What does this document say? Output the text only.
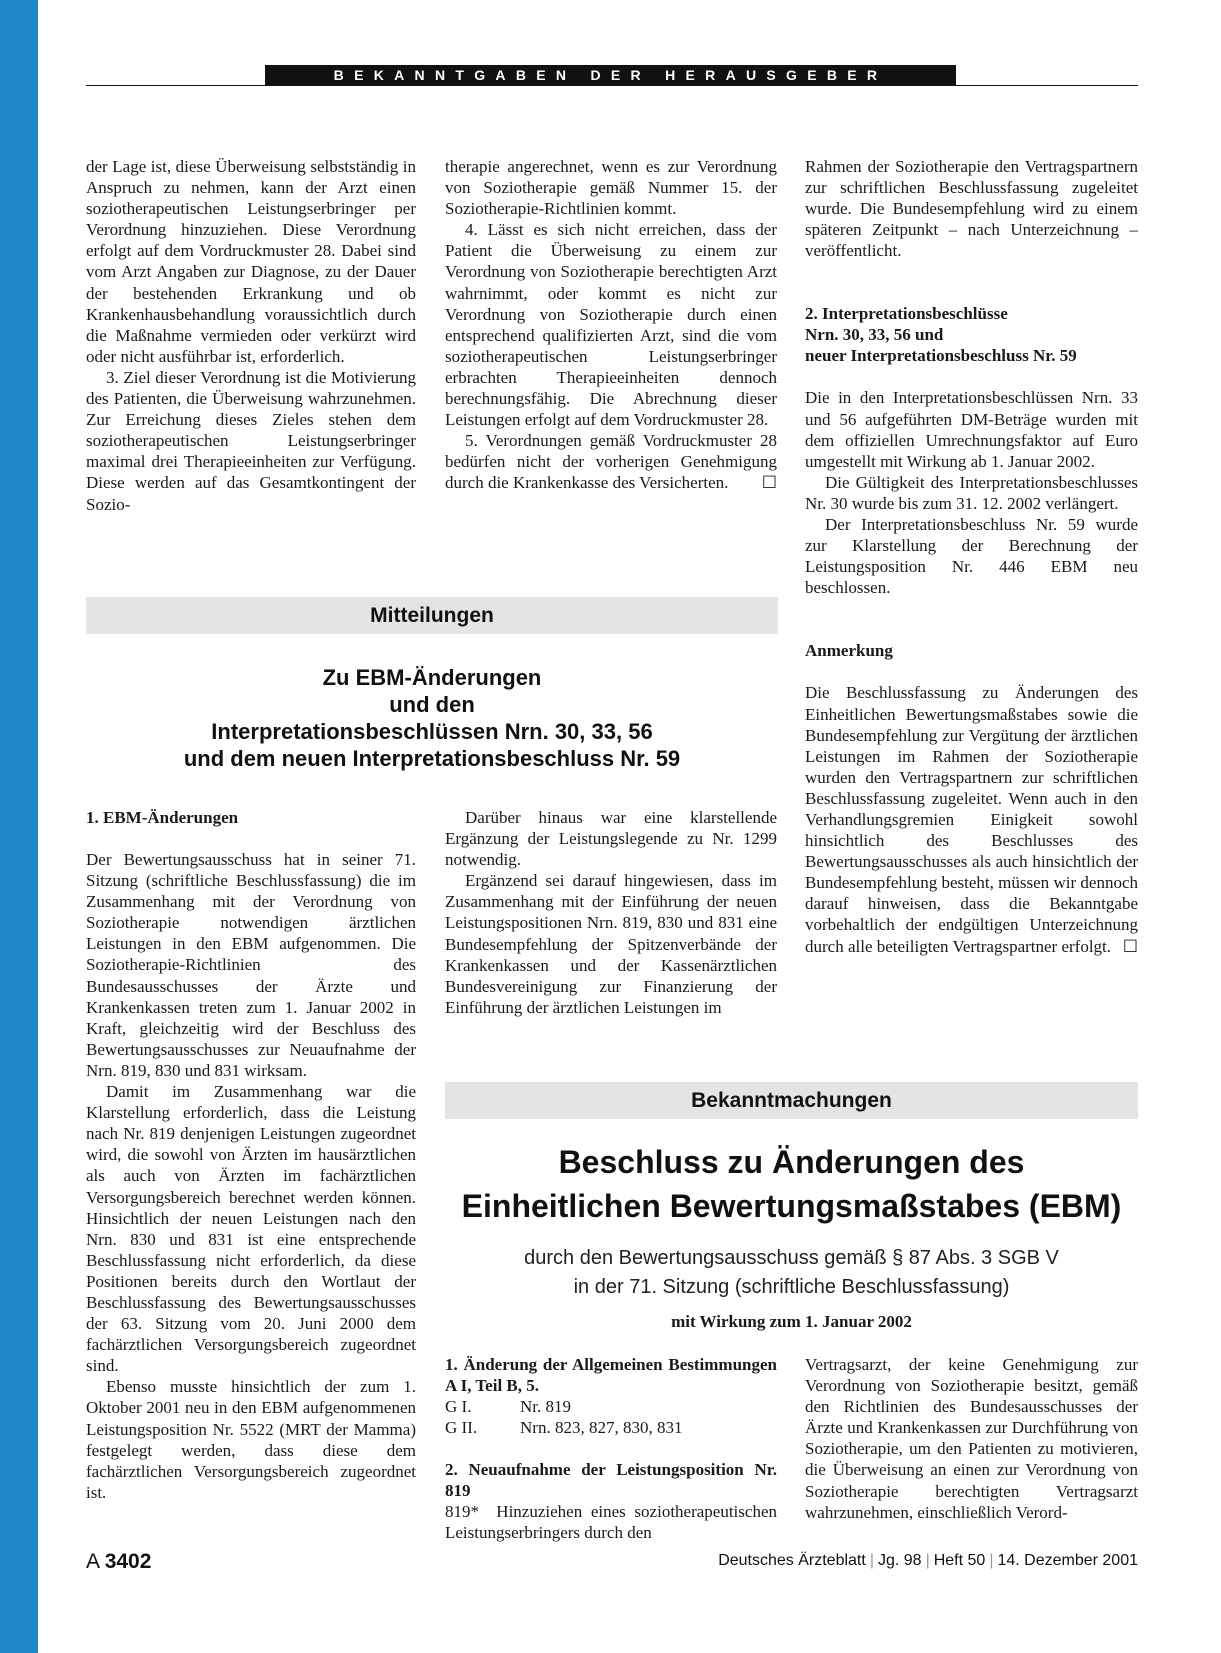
BEKANNTGABEN DER HERAUSGEBER

der Lage ist, diese Überweisung selbstständig in Anspruch zu nehmen, kann der Arzt einen soziotherapeutischen Leistungserbringer per Verordnung hinzuziehen. Diese Verordnung erfolgt auf dem Vordruckmuster 28. Dabei sind vom Arzt Angaben zur Diagnose, zu der Dauer der bestehenden Erkrankung und ob Krankenhausbehandlung voraussichtlich durch die Maßnahme vermieden oder verkürzt wird oder nicht ausführbar ist, erforderlich.

3. Ziel dieser Verordnung ist die Motivierung des Patienten, die Überweisung wahrzunehmen. Zur Erreichung dieses Zieles stehen dem soziotherapeutischen Leistungserbringer maximal drei Therapieeinheiten zur Verfügung. Diese werden auf das Gesamtkontingent der Sozio-

therapie angerechnet, wenn es zur Verordnung von Soziotherapie gemäß Nummer 15. der Soziotherapie-Richtlinien kommt.

4. Lässt es sich nicht erreichen, dass der Patient die Überweisung zu einem zur Verordnung von Soziotherapie berechtigten Arzt wahrnimmt, oder kommt es nicht zur Verordnung von Soziotherapie durch einen entsprechend qualifizierten Arzt, sind die vom soziotherapeutischen Leistungserbringer erbrachten Therapieeinheiten dennoch berechnungsfähig. Die Abrechnung dieser Leistungen erfolgt auf dem Vordruckmuster 28.

5. Verordnungen gemäß Vordruckmuster 28 bedürfen nicht der vorherigen Genehmigung durch die Krankenkasse des Versicherten.	☐

Rahmen der Soziotherapie den Vertragspartnern zur schriftlichen Beschlussfassung zugeleitet wurde. Die Bundesempfehlung wird zu einem späteren Zeitpunkt – nach Unterzeichnung – veröffentlicht.

2. Interpretationsbeschlüsse
Nrn. 30, 33, 56 und
neuer Interpretationsbeschluss Nr. 59

Die in den Interpretationsbeschlüssen Nrn. 33 und 56 aufgeführten DM-Beträge wurden mit dem offiziellen Umrechnungsfaktor auf Euro umgestellt mit Wirkung ab 1. Januar 2002.

Die Gültigkeit des Interpretationsbeschlusses Nr. 30 wurde bis zum 31. 12. 2002 verlängert.

Der Interpretationsbeschluss Nr. 59 wurde zur Klarstellung der Berechnung der Leistungsposition Nr. 446 EBM neu beschlossen.

Anmerkung

Die Beschlussfassung zu Änderungen des Einheitlichen Bewertungsmaßstabes sowie die Bundesempfehlung zur Vergütung der ärztlichen Leistungen im Rahmen der Soziotherapie wurden den Vertragspartnern zur schriftlichen Beschlussfassung zugeleitet. Wenn auch in den Verhandlungsgremien Einigkeit sowohl hinsichtlich des Beschlusses des Bewertungsausschusses als auch hinsichtlich der Bundesempfehlung besteht, müssen wir dennoch darauf hinweisen, dass die Bekanntgabe vorbehaltlich der endgültigen Unterzeichnung durch alle beteiligten Vertragspartner erfolgt. ☐

Mitteilungen
Zu EBM-Änderungen
und den
Interpretationsbeschlüssen Nrn. 30, 33, 56
und dem neuen Interpretationsbeschluss Nr. 59
1. EBM-Änderungen

Der Bewertungsausschuss hat in seiner 71. Sitzung (schriftliche Beschlussfassung) die im Zusammenhang mit der Verordnung von Soziotherapie notwendigen ärztlichen Leistungen in den EBM aufgenommen. Die Soziotherapie-Richtlinien des Bundesausschusses der Ärzte und Krankenkassen treten zum 1. Januar 2002 in Kraft, gleichzeitig wird der Beschluss des Bewertungsausschusses zur Neuaufnahme der Nrn. 819, 830 und 831 wirksam.

Damit im Zusammenhang war die Klarstellung erforderlich, dass die Leistung nach Nr. 819 denjenigen Leistungen zugeordnet wird, die sowohl von Ärzten im hausärztlichen als auch von Ärzten im fachärztlichen Versorgungsbereich berechnet werden können. Hinsichtlich der neuen Leistungen nach den Nrn. 830 und 831 ist eine entsprechende Beschlussfassung nicht erforderlich, da diese Positionen bereits durch den Wortlaut der Beschlussfassung des Bewertungsausschusses der 63. Sitzung vom 20. Juni 2000 dem fachärztlichen Versorgungsbereich zugeordnet sind.

Ebenso musste hinsichtlich der zum 1. Oktober 2001 neu in den EBM aufgenommenen Leistungsposition Nr. 5522 (MRT der Mamma) festgelegt werden, dass diese dem fachärztlichen Versorgungsbereich zugeordnet ist.

Darüber hinaus war eine klarstellende Ergänzung der Leistungslegende zu Nr. 1299 notwendig.

Ergänzend sei darauf hingewiesen, dass im Zusammenhang mit der Einführung der neuen Leistungspositionen Nrn. 819, 830 und 831 eine Bundesempfehlung der Spitzenverbände der Krankenkassen und der Kassenärztlichen Bundesvereinigung zur Finanzierung der Einführung der ärztlichen Leistungen im

Bekanntmachungen
Beschluss zu Änderungen des
Einheitlichen Bewertungsmaßstabes (EBM)
durch den Bewertungsausschuss gemäß § 87 Abs. 3 SGB V
in der 71. Sitzung (schriftliche Beschlussfassung)
mit Wirkung zum 1. Januar 2002
1. Änderung der Allgemeinen Bestimmungen A I, Teil B, 5.

G I.	Nr. 819

G II.	Nrn. 823, 827, 830, 831

2. Neuaufnahme der Leistungsposition Nr. 819

819*  Hinzuziehen eines soziotherapeutischen Leistungserbringers durch den

Vertragsarzt, der keine Genehmigung zur Verordnung von Soziotherapie besitzt, gemäß den Richtlinien des Bundesausschusses der Ärzte und Krankenkassen zur Durchführung von Soziotherapie, um den Patienten zu motivieren, die Überweisung an einen zur Verordnung von Soziotherapie berechtigten Vertragsarzt wahrzunehmen, einschließlich Verord-

A 3402	Deutsches Ärzteblatt | Jg. 98 | Heft 50 | 14. Dezember 2001
